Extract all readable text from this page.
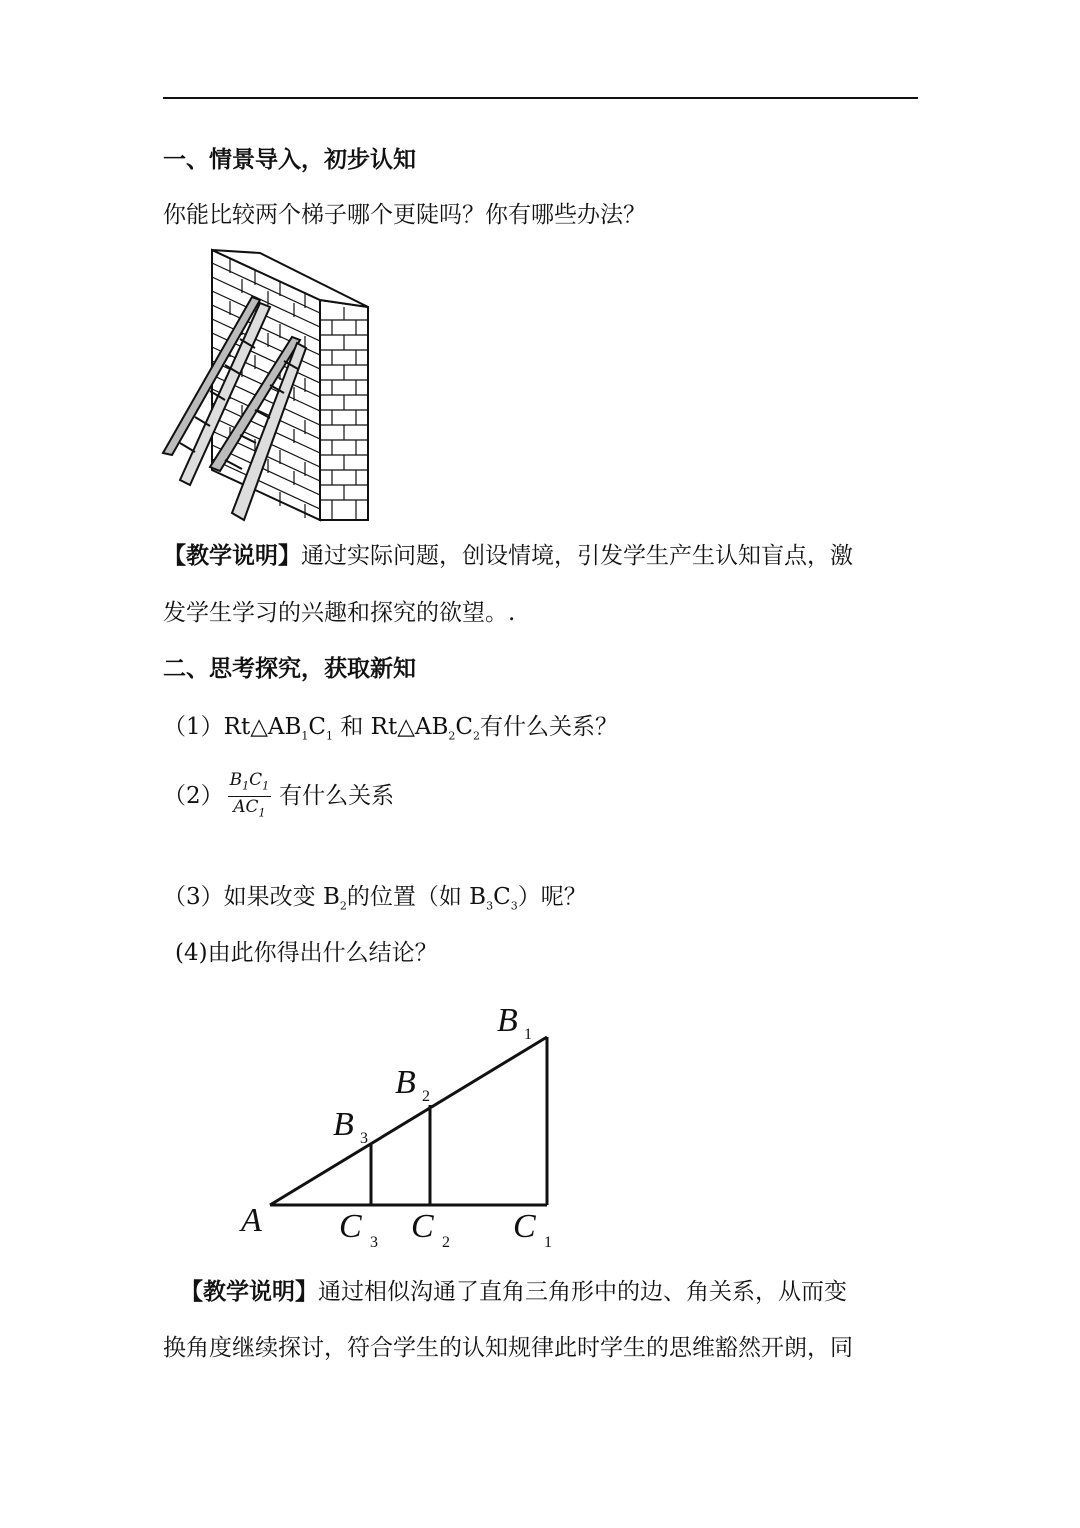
一、情景导入，初步认知
你能比较两个梯子哪个更陡吗？你有哪些办法？
【教学说明】通过实际问题，创设情境，引发学生产生认知盲点，激
发学生学习的兴趣和探究的欲望。.
二、思考探究，获取新知
$(1)Rt\triangle AB_1C_1$ 和 $Rt\triangle AB_2C_2$有什么关系？
$(2) \frac{B_1C_1}{AC_1}$ 有什么关系
（3）如果改变 $B_2$的位置（如 $B_3C_3$）呢？
(4)由此你得出什么结论？
A
B 1
B 2
B 3
C 3 C 2 C 1
【教学说明】通过相似沟通了直角三角形中的边、角关系，从而变
换角度继续探讨，符合学生的认知规律此时学生的思维豁然开朗，同
